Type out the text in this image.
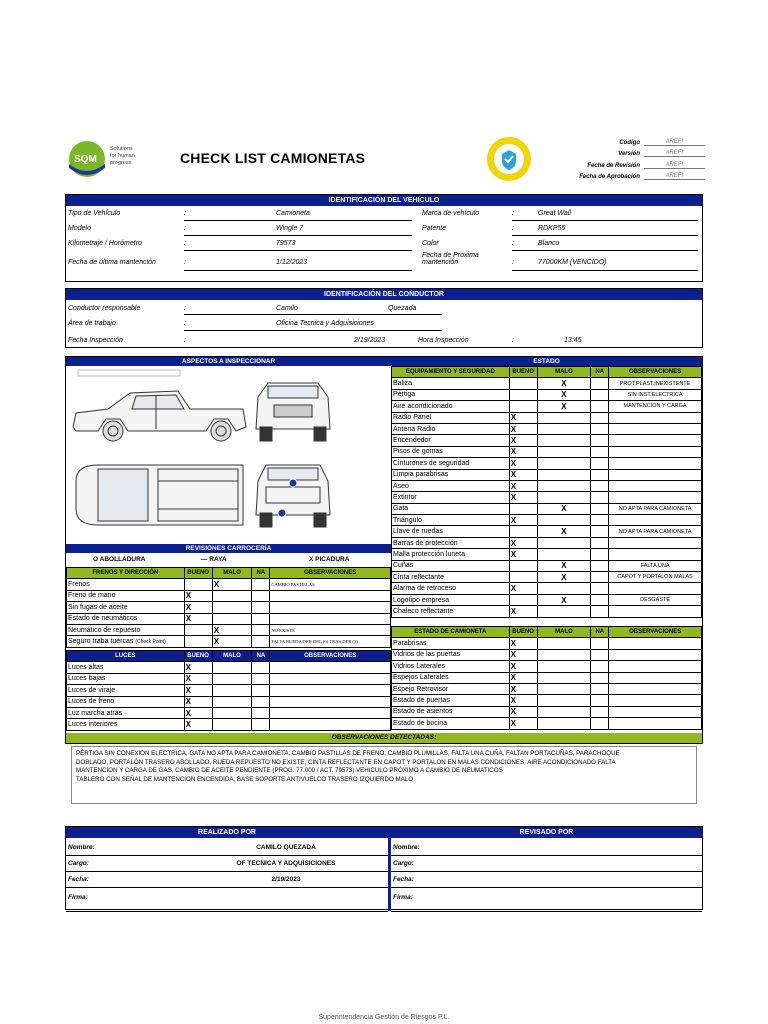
SQM
Solutions
for human
progress	CHECK LIST CAMIONETAS
Código	#REF!
Versión	#REF!
Fecha de Revisión	#REF!
Fecha de Aprobación	#REF!
IDENTIFICACIÓN DEL VEHICULO
Tipo de Vehículo	:	Camioneta	Marca de vehículo	:	Great Wall
Modelo	:	Wingle 7	Patente	:	RDKP55
Kilometraje / Horómetro	:	79573	Color	:	Blanco
Fecha de última mantención	:	1/12/2023
Fecha de Proxima mantención	:	77000KM (VENCIDO)
IDENTIFICACIÓN DEL CONDUCTOR
Conductor responsable	:	Camilo	Quezada
Área de trabajo	:	Oficina Tecnica y Adquisiciones
Fecha Inspección	:	2/19/2023	Hora Inspección	:	13:45
ASPECTOS A INSPECCIONAR	ESTADO
REVISIONES CARROCERÍA
O ABOLLADURA	— RAYA	X PICADURA
FRENOS Y DIRECCIÓN	BUENO	MALO	NA	OBSERVACIONES
Frenos		X		CAMBIO PASTILLAS
Freno de mano	X			
Sin fugas de aceite	X			
Estado de neumáticos	X			
Neumático de repuesto		X		NO EXISTE
Seguro traba tuercas (Check Point)		X		FALTA RUEDA DER DEL (6) TRAS DER (3)
LUCES	BUENO	MALO	NA	OBSERVACIONES
Luces altas	X			
Luces bajas	X			
Luces de viraje	X			
Luces de freno	X			
Luz marcha atrás	X			
Luces interiores	X			
EQUIPAMIENTO Y SEGURIDAD	BUENO	MALO	NA	OBSERVACIONES
Baliza		X		PROT.PLAST.INEXISTENTE
Pértiga		X		SIN INST.ELECTRICA
Aire acondicionado		X		MANTENCION Y CARGA
Radio Panel	X			
Antena Radio	X			
Encendedor	X			
Pisos de gomas	X			
Cinturones de seguridad	X			
Limpia parabrisas	X			
Aseo	X			
Extintor	X			
Gata		X		NO APTA PARA CAMIONETA
Triángulo	X			
Llave de ruedas		X		NO APTA PARA CAMIONETA
Barras de protección	X			
Malla protección luneta	X			
Cuñas		X		FALTA UNA
Cinta reflectante		X		CAPOT Y PORTALON MALAS
Alarma de retroceso	X			
Logotipo empresa		X		DESGASTE
Chaleco reflectante	X			
ESTADO DE CAMIONETA	BUENO	MALO	NA	OBSERVACIONES
Parabrisas	X			
Vidrios de las puertas	X			
Vidrios Laterales	X			
Espejos Laterales	X			
Espejo Retrovisor	X			
Estado de puertas	X			
Estado de asientos	X			
Estado de bocina	X			
OBSERVACIONES DETECTADAS:
PÉRTIGA SIN CONEXION ELECTRICA, GATA NO APTA PARA CAMIONETA, CAMBIO PASTILLAS DE FRENO, CAMBIO PLUMILLAS, FALTA UNA CUÑA, FALTAN PORTACUÑAS, PARACHOQUE
DOBLADO, PORTALÓN TRASERO ABOLLADO, RUEDA REPUESTO NO EXISTE, CINTA REFLECTANTE EN CAPOT Y PORTALON EN MALAS CONDICIONES, AIRE ACONDICIONADO FALTA
MANTENCION Y CARGA DE GAS, CAMBIO DE ACEITE PENDIENTE (PROG. 77.000 / ACT. 79573) VEHICULO PRÓXIMO A CAMBIO DE NEUMATICOS
TABLERO CON SEÑAL DE MANTENCION ENCENDIDA, BASE SOPORTE ANTIVUELCO TRASERO IZQUIERDO MALO
REALIZADO POR
Nombre:	CAMILO QUEZADA
Cargo:	OF TECNICA Y ADQUISICIONES
Fecha:	2/19/2023
Firma:
REVISADO POR
Nombre:
Cargo:
Fecha:
Firma:
Superintendencia Gestión de Riesgos P.L.
